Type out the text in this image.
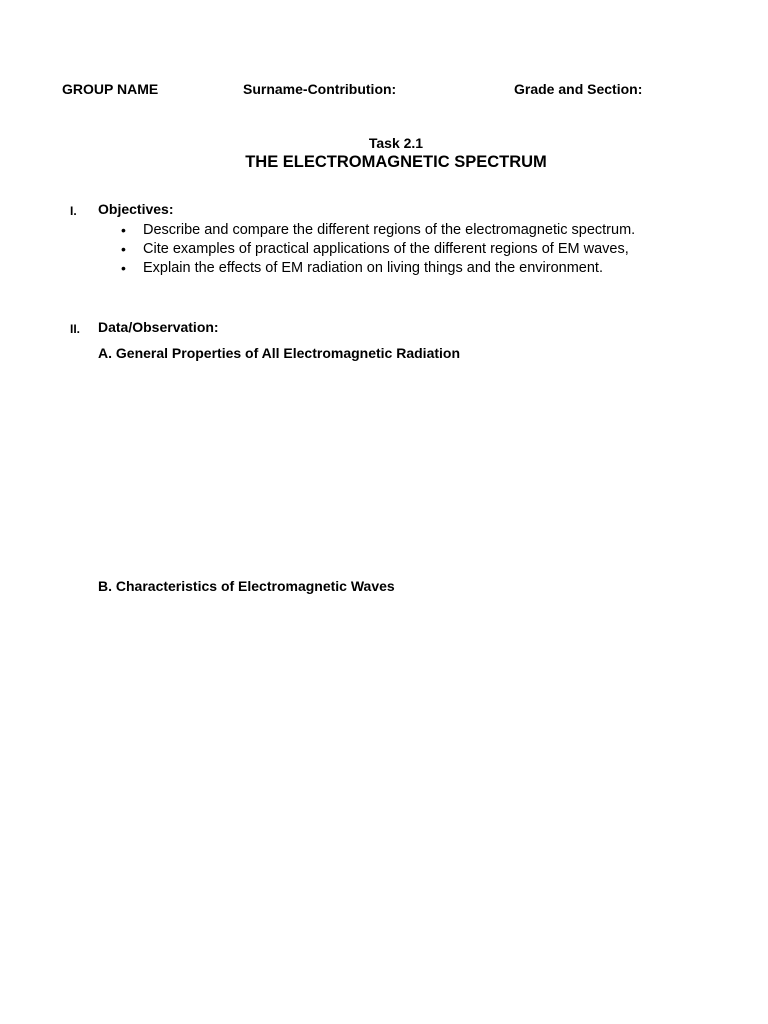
GROUP NAME	Surname-Contribution:	Grade and Section:
Task 2.1
THE ELECTROMAGNETIC SPECTRUM
I. Objectives:
• Describe and compare the different regions of the electromagnetic spectrum.
• Cite examples of practical applications of the different regions of EM waves,
• Explain the effects of EM radiation on living things and the environment.
II. Data/Observation:
A. General Properties of All Electromagnetic Radiation
B. Characteristics of Electromagnetic Waves
